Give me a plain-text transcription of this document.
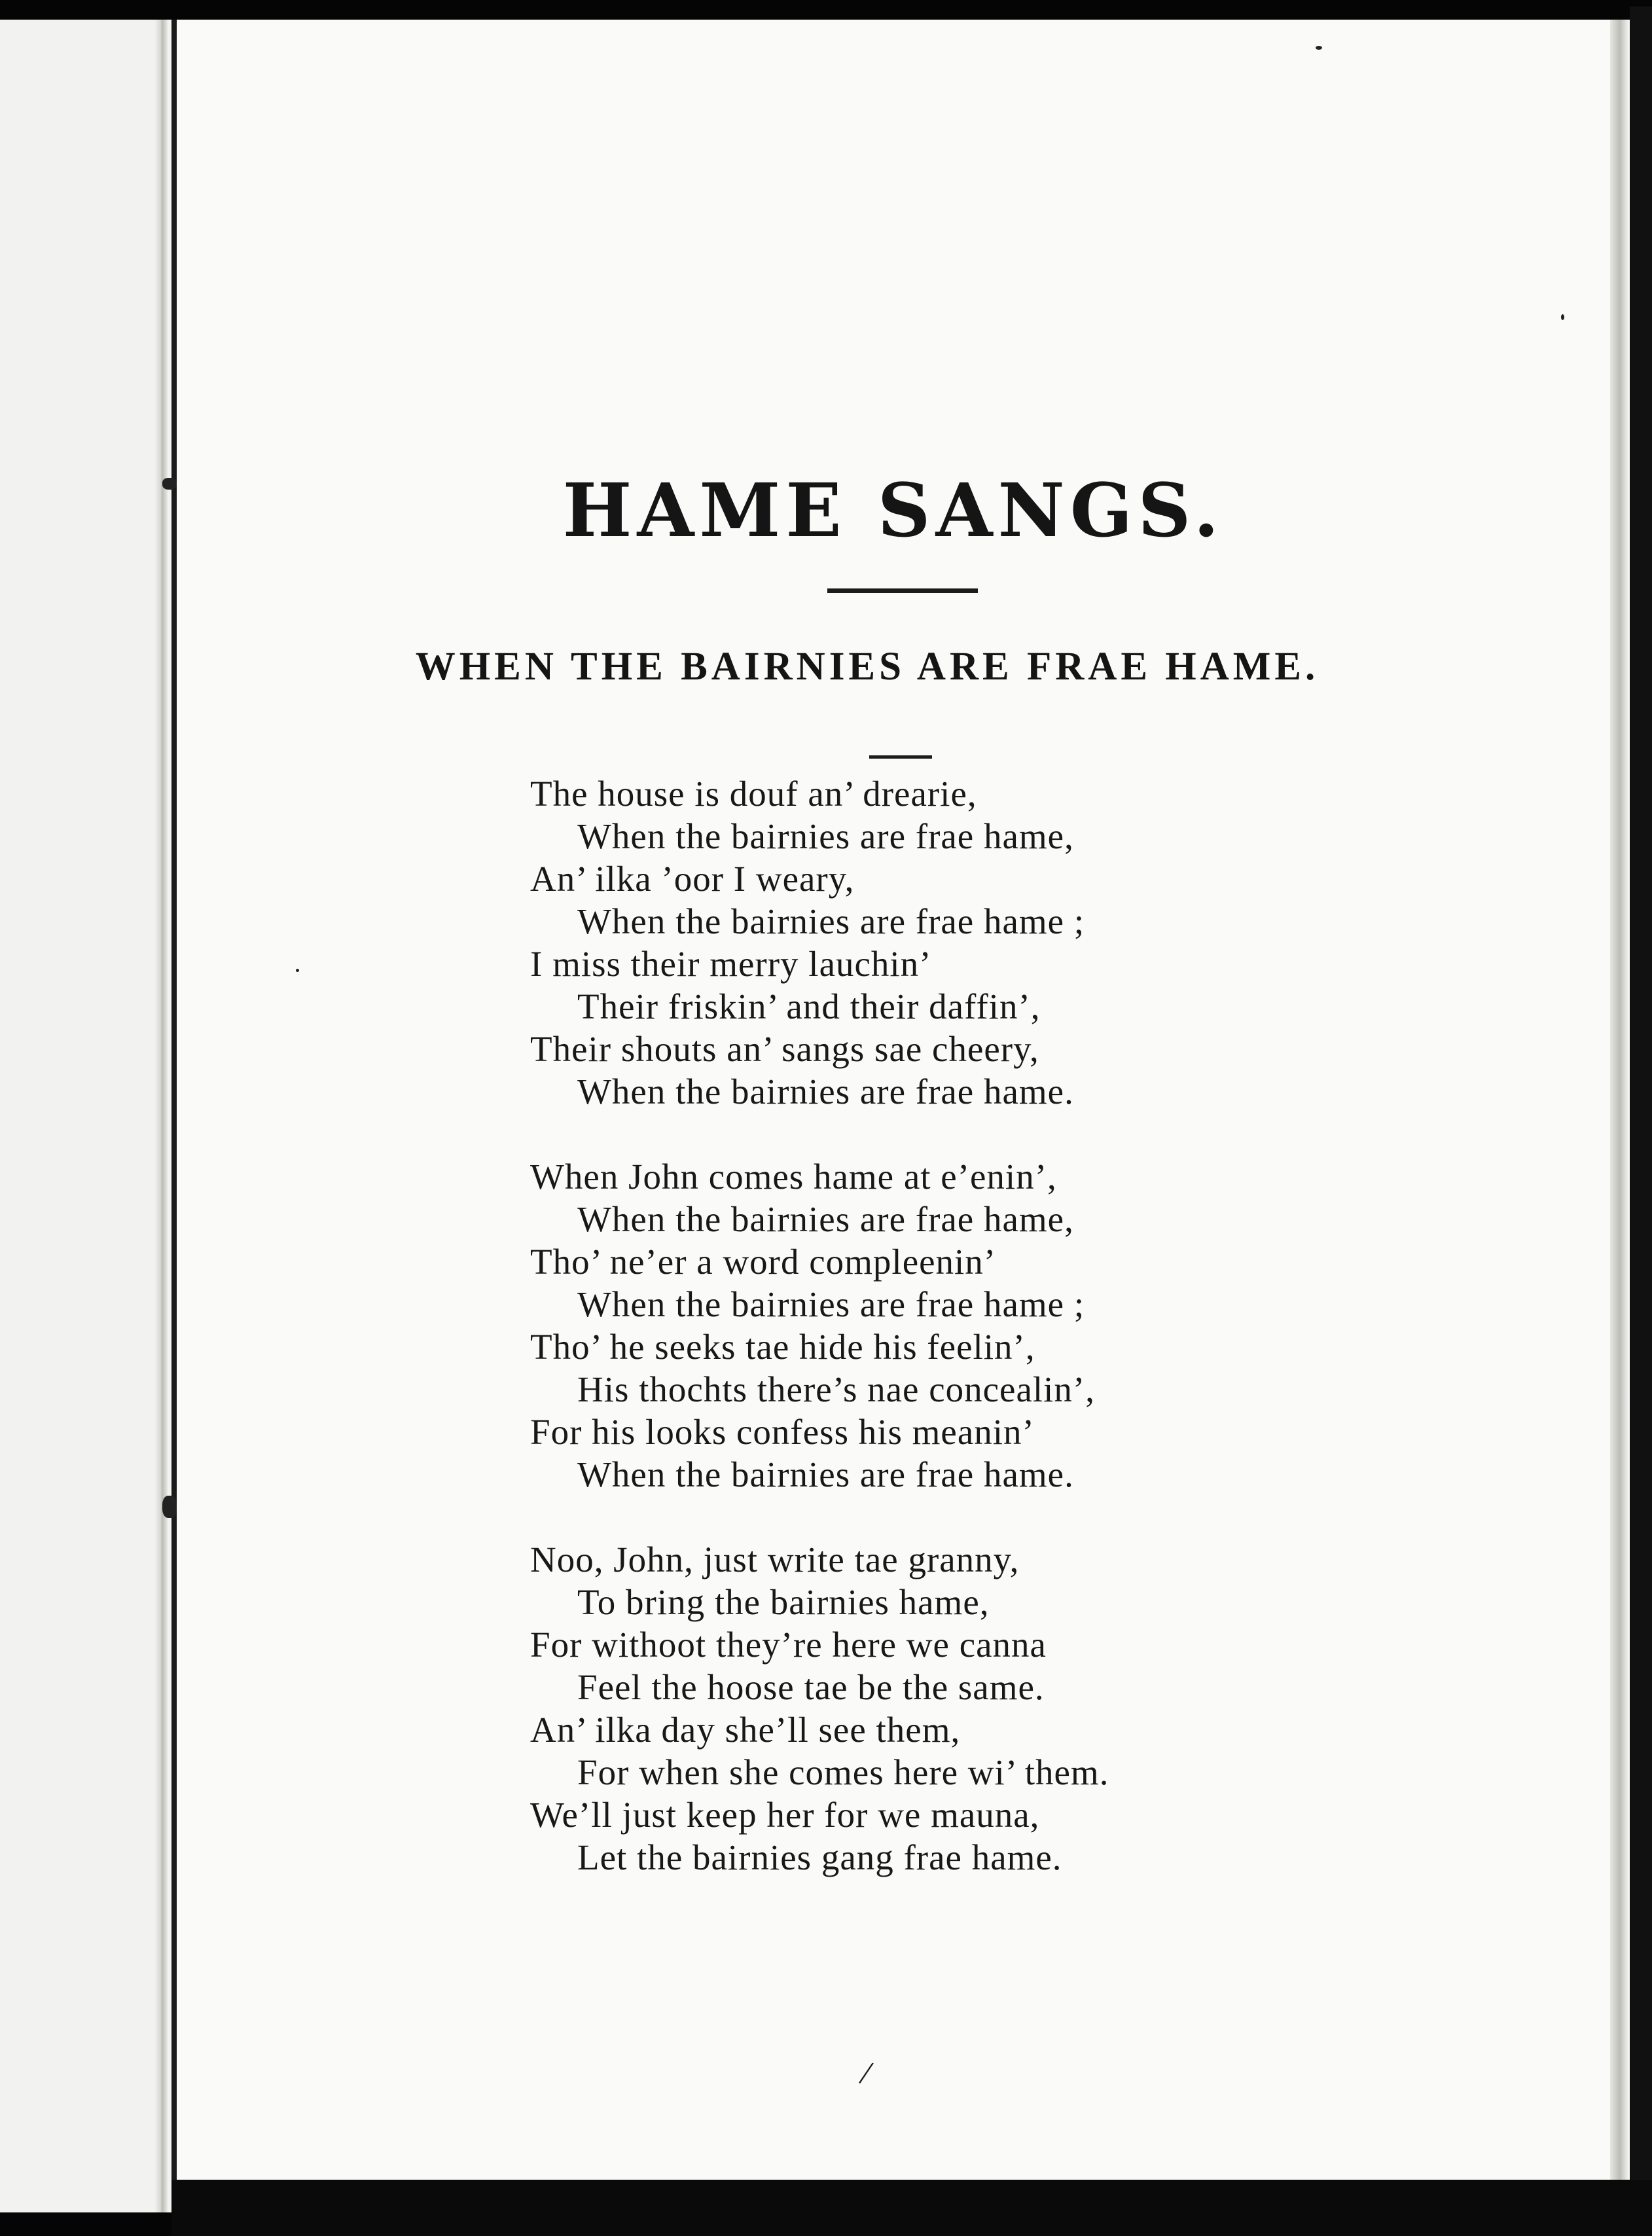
HAME SANGS.
WHEN THE BAIRNIES ARE FRAE HAME.
The house is douf an’ drearie,
When the bairnies are frae hame,
An’ ilka ’oor I weary,
When the bairnies are frae hame ;
I miss their merry lauchin’
Their friskin’ and their daffin’,
Their shouts an’ sangs sae cheery,
When the bairnies are frae hame.
When John comes hame at e’enin’,
When the bairnies are frae hame,
Tho’ ne’er a word compleenin’
When the bairnies are frae hame ;
Tho’ he seeks tae hide his feelin’,
His thochts there’s nae concealin’,
For his looks confess his meanin’
When the bairnies are frae hame.
Noo, John, just write tae granny,
To bring the bairnies hame,
For withoot they’re here we canna
Feel the hoose tae be the same.
An’ ilka day she’ll see them,
For when she comes here wi’ them.
We’ll just keep her for we mauna,
Let the bairnies gang frae hame.
/
